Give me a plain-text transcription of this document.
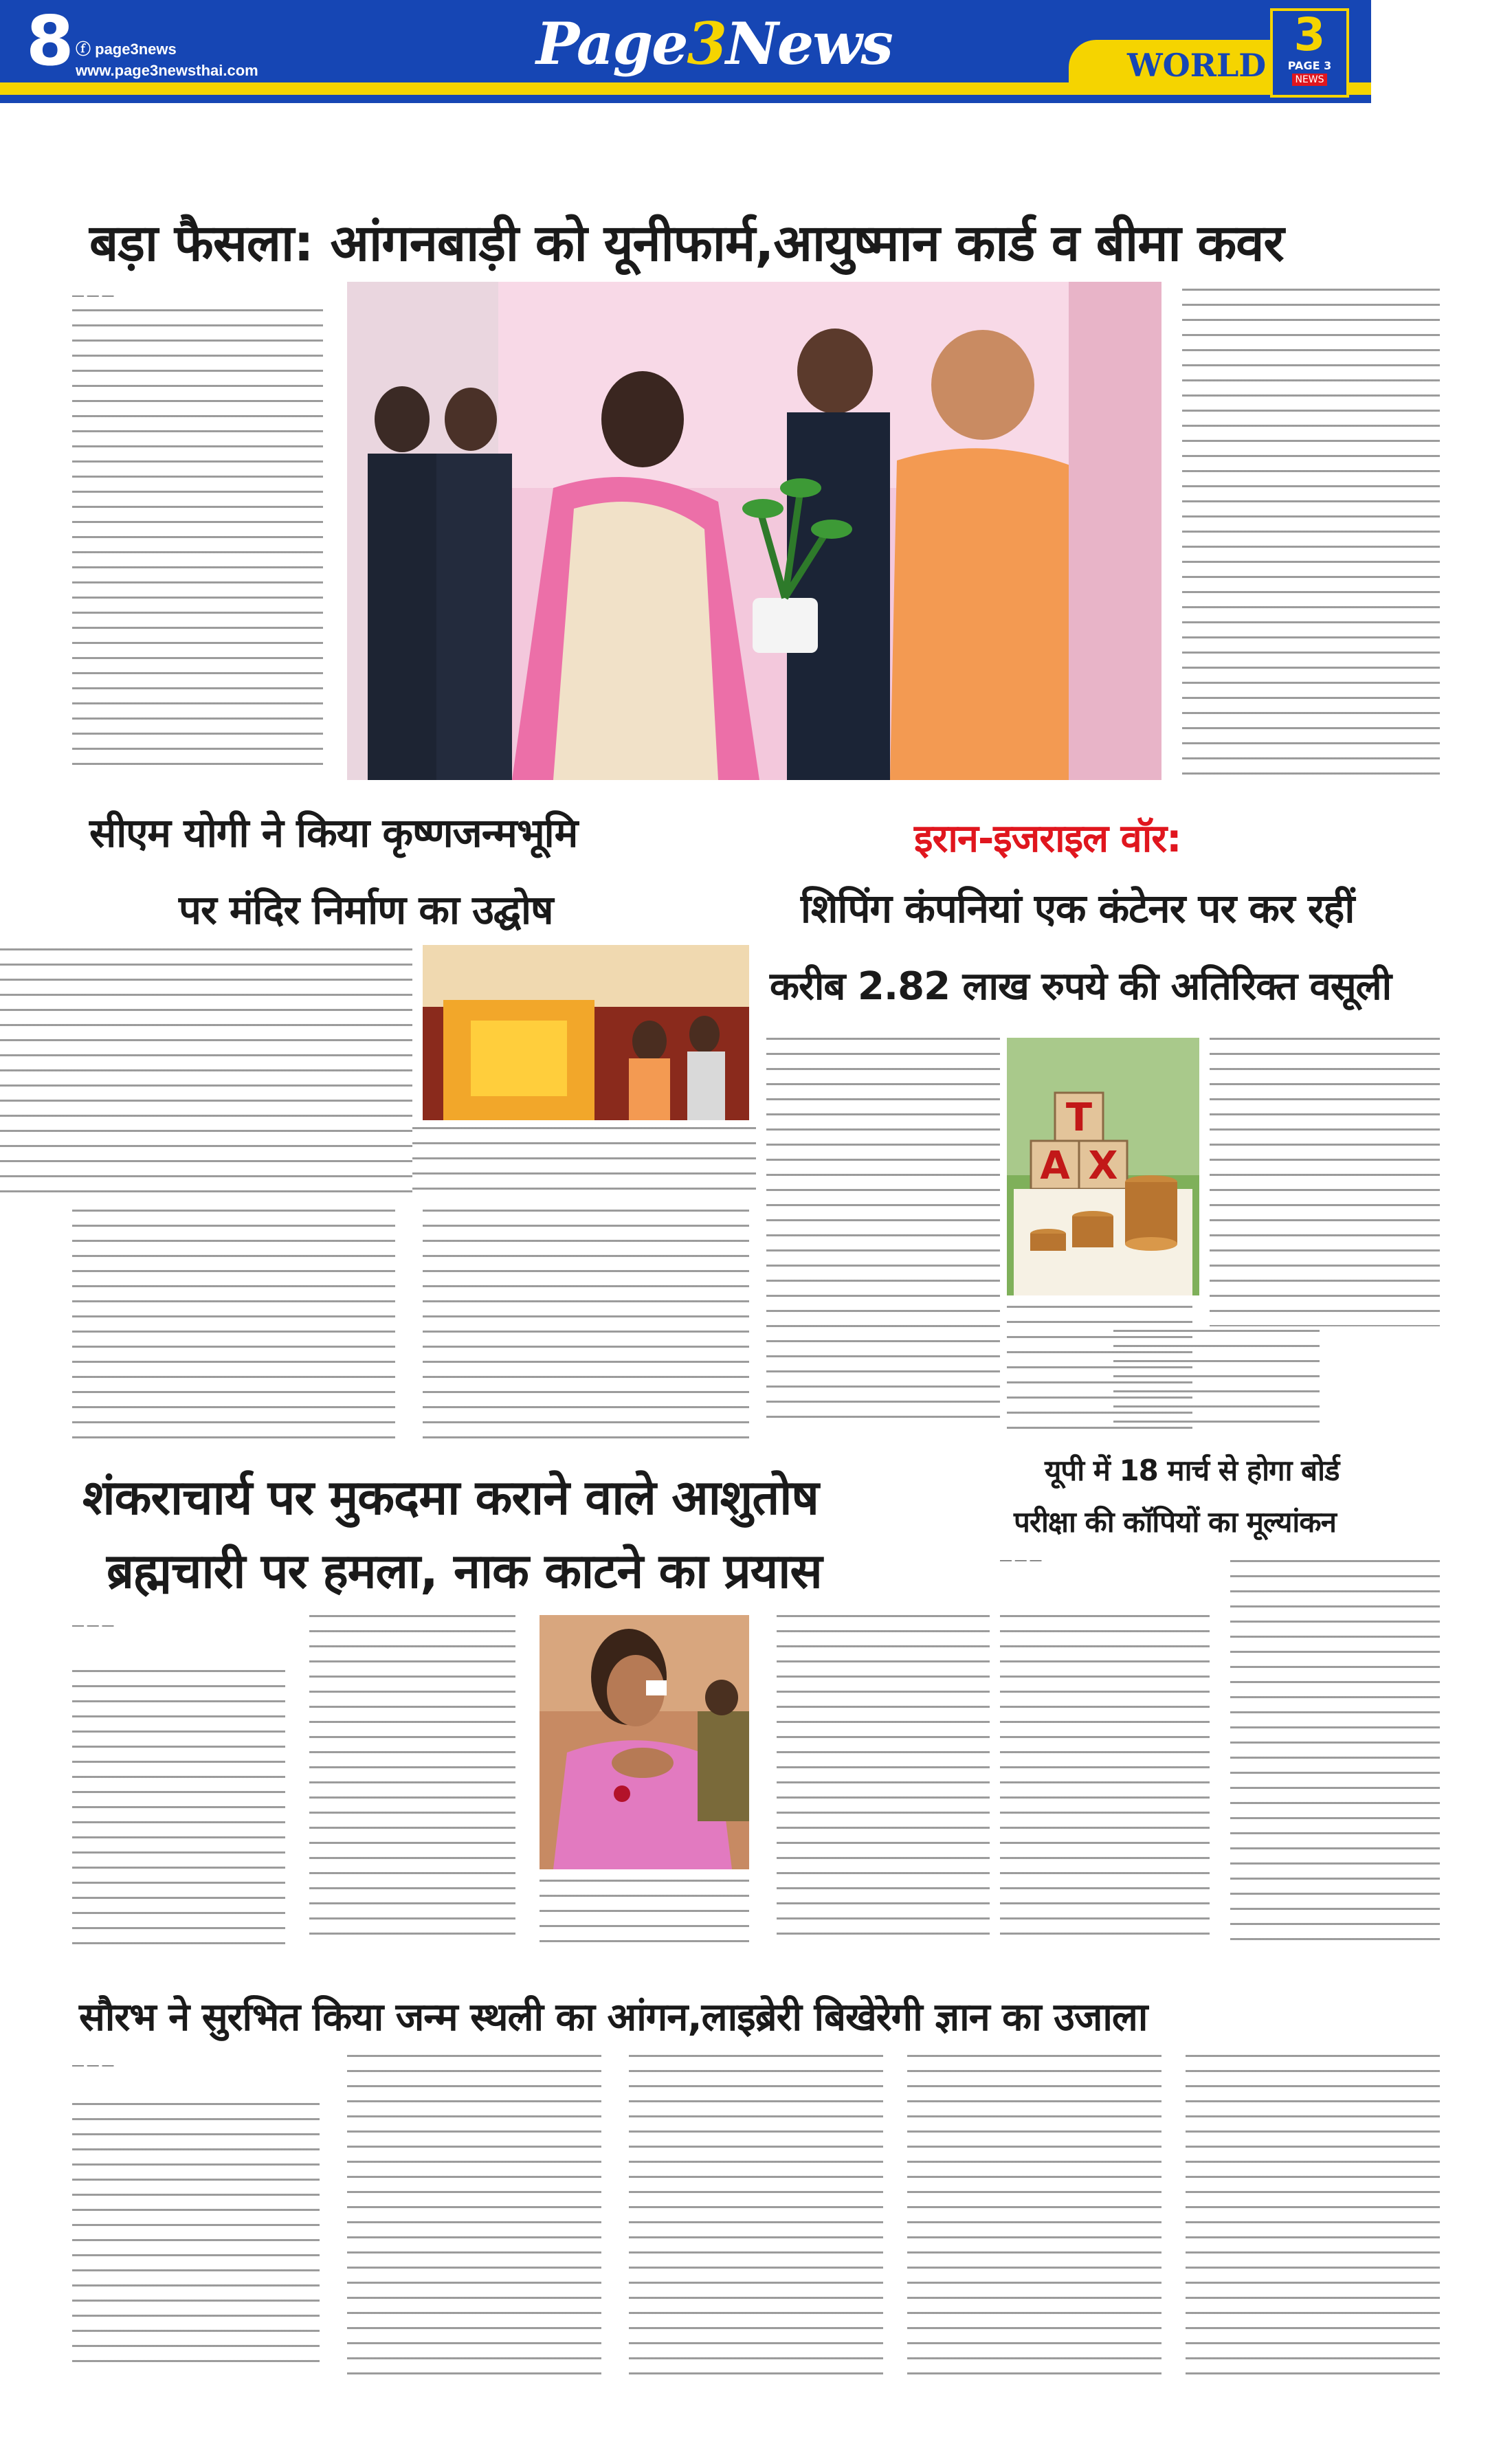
8 ⓕ page3news
www.page3newsthai.com	Page3News	WORLD
3
PAGE 3
NEWS
बड़ा फैसला: आंगनबाड़ी को यूनीफार्म,आयुष्मान कार्ड व बीमा कवर
— — —
सीएम योगी ने किया कृष्णजन्मभूमि
पर मंदिर निर्माण का उद्घोष
इरान-इजराइल वॉर:
शिपिंग कंपनियां एक कंटेनर पर कर रहीं
करीब 2.82 लाख रुपये की अतिरिक्त वसूली
T
A X
शंकराचार्य पर मुकदमा कराने वाले आशुतोष
ब्रह्मचारी पर हमला, नाक काटने का प्रयास
— — —
यूपी में 18 मार्च से होगा बोर्ड
परीक्षा की कॉपियों का मूल्यांकन
— — —
सौरभ ने सुरभित किया जन्म स्थली का आंगन,लाइब्रेरी बिखेरेगी ज्ञान का उजाला
— — —
